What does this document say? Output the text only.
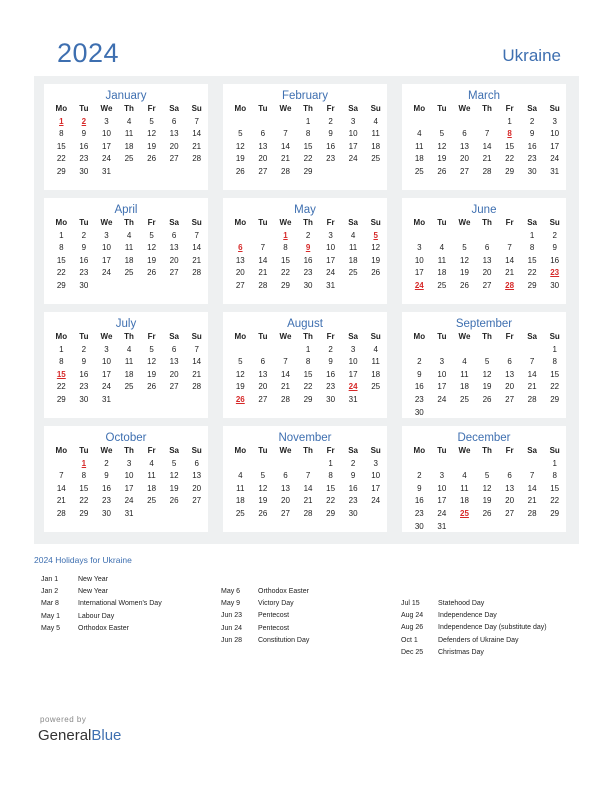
2024	Ukraine
January
Mo	Tu	We	Th	Fr	Sa	Su
1	2	3	4	5	6	7
8	9	10	11	12	13	14
15	16	17	18	19	20	21
22	23	24	25	26	27	28
29	30	31				
February
Mo	Tu	We	Th	Fr	Sa	Su
			1	2	3	4
5	6	7	8	9	10	11
12	13	14	15	16	17	18
19	20	21	22	23	24	25
26	27	28	29			
March
Mo	Tu	We	Th	Fr	Sa	Su
				1	2	3
4	5	6	7	8	9	10
11	12	13	14	15	16	17
18	19	20	21	22	23	24
25	26	27	28	29	30	31
April
Mo	Tu	We	Th	Fr	Sa	Su
1	2	3	4	5	6	7
8	9	10	11	12	13	14
15	16	17	18	19	20	21
22	23	24	25	26	27	28
29	30					
May
Mo	Tu	We	Th	Fr	Sa	Su
		1	2	3	4	5
6	7	8	9	10	11	12
13	14	15	16	17	18	19
20	21	22	23	24	25	26
27	28	29	30	31		
June
Mo	Tu	We	Th	Fr	Sa	Su
					1	2
3	4	5	6	7	8	9
10	11	12	13	14	15	16
17	18	19	20	21	22	23
24	25	26	27	28	29	30
July
Mo	Tu	We	Th	Fr	Sa	Su
1	2	3	4	5	6	7
8	9	10	11	12	13	14
15	16	17	18	19	20	21
22	23	24	25	26	27	28
29	30	31				
August
Mo	Tu	We	Th	Fr	Sa	Su
			1	2	3	4
5	6	7	8	9	10	11
12	13	14	15	16	17	18
19	20	21	22	23	24	25
26	27	28	29	30	31	
September
Mo	Tu	We	Th	Fr	Sa	Su
						1
2	3	4	5	6	7	8
9	10	11	12	13	14	15
16	17	18	19	20	21	22
23	24	25	26	27	28	29
30						
October
Mo	Tu	We	Th	Fr	Sa	Su
	1	2	3	4	5	6
7	8	9	10	11	12	13
14	15	16	17	18	19	20
21	22	23	24	25	26	27
28	29	30	31			
November
Mo	Tu	We	Th	Fr	Sa	Su
				1	2	3
4	5	6	7	8	9	10
11	12	13	14	15	16	17
18	19	20	21	22	23	24
25	26	27	28	29	30	
December
Mo	Tu	We	Th	Fr	Sa	Su
						1
2	3	4	5	6	7	8
9	10	11	12	13	14	15
16	17	18	19	20	21	22
23	24	25	26	27	28	29
30	31					
2024 Holidays for Ukraine
Jan 1	New Year
Jan 2	New Year
Mar 8	International Women's Day
May 1	Labour Day
May 5	Orthodox Easter
May 6	Orthodox Easter
May 9	Victory Day
Jun 23 Pentecost
Jun 24 Pentecost
Jun 28 Constitution Day
Jul 15	Statehood Day
Aug 24 Independence Day
Aug 26 Independence Day (substitute day)
Oct 1	Defenders of Ukraine Day
Dec 25 Christmas Day
powered by
GeneralBlue
